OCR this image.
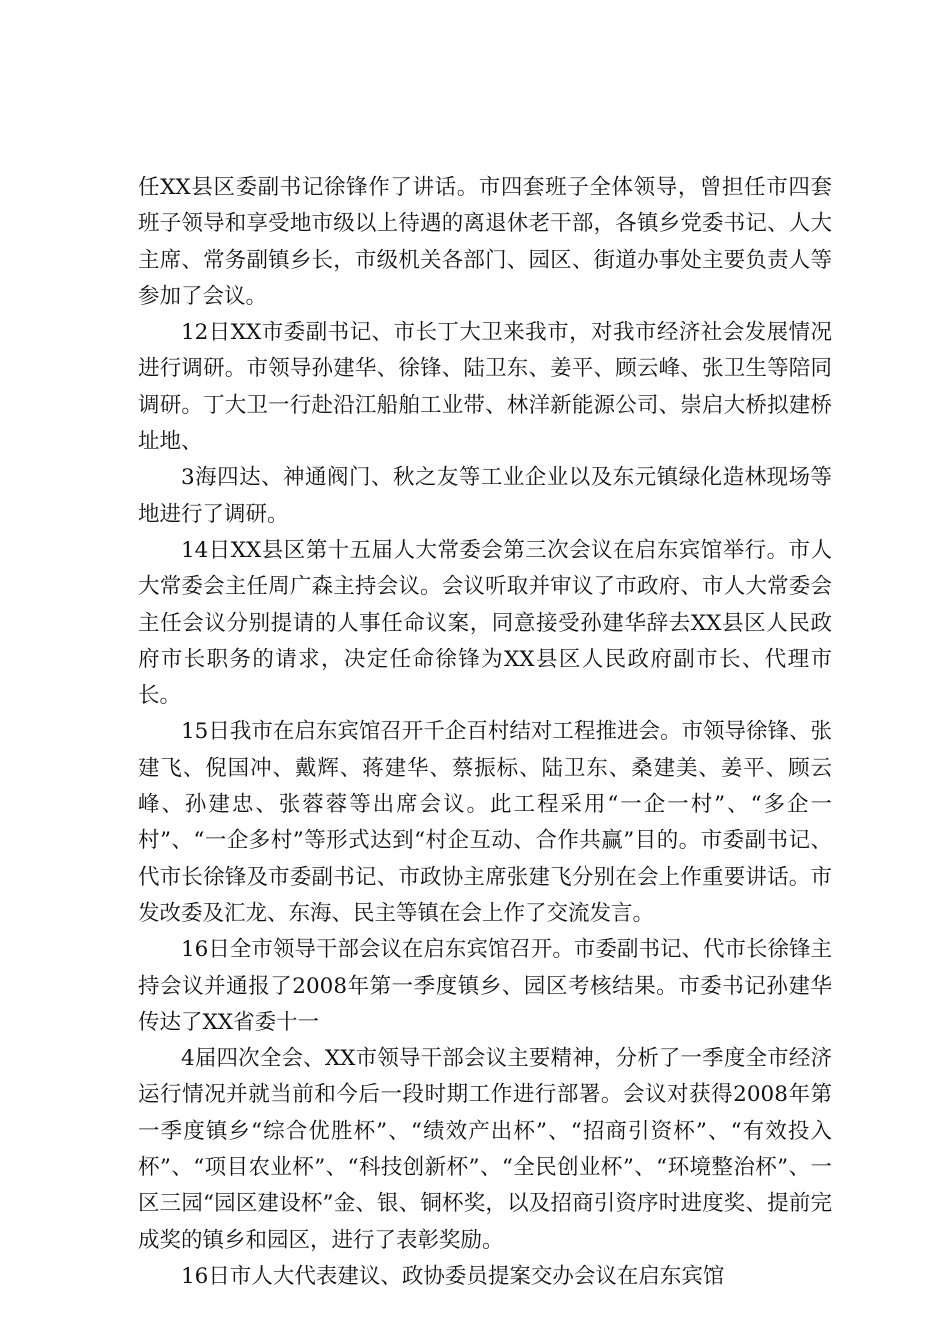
任XX县区委副书记徐锋作了讲话。市四套班子全体领导，曾担任市四套班子领导和享受地市级以上待遇的离退休老干部，各镇乡党委书记、人大主席、常务副镇乡长，市级机关各部门、园区、街道办事处主要负责人等参加了会议。

12日XX市委副书记、市长丁大卫来我市，对我市经济社会发展情况进行调研。市领导孙建华、徐锋、陆卫东、姜平、顾云峰、张卫生等陪同调研。丁大卫一行赴沿江船舶工业带、林洋新能源公司、崇启大桥拟建桥址地、

3海四达、神通阀门、秋之友等工业企业以及东元镇绿化造林现场等地进行了调研。

14日XX县区第十五届人大常委会第三次会议在启东宾馆举行。市人大常委会主任周广森主持会议。会议听取并审议了市政府、市人大常委会主任会议分别提请的人事任命议案，同意接受孙建华辞去XX县区人民政府市长职务的请求，决定任命徐锋为XX县区人民政府副市长、代理市长。

15日我市在启东宾馆召开千企百村结对工程推进会。市领导徐锋、张建飞、倪国冲、戴辉、蒋建华、蔡振标、陆卫东、桑建美、姜平、顾云峰、孙建忠、张蓉蓉等出席会议。此工程采用“一企一村”、“多企一村”、“一企多村”等形式达到“村企互动、合作共赢”目的。市委副书记、代市长徐锋及市委副书记、市政协主席张建飞分别在会上作重要讲话。市发改委及汇龙、东海、民主等镇在会上作了交流发言。

16日全市领导干部会议在启东宾馆召开。市委副书记、代市长徐锋主持会议并通报了2008年第一季度镇乡、园区考核结果。市委书记孙建华传达了XX省委十一

4届四次全会、XX市领导干部会议主要精神，分析了一季度全市经济运行情况并就当前和今后一段时期工作进行部署。会议对获得2008年第一季度镇乡“综合优胜杯”、“绩效产出杯”、“招商引资杯”、“有效投入杯”、“项目农业杯”、“科技创新杯”、“全民创业杯”、“环境整治杯”、一区三园“园区建设杯”金、银、铜杯奖，以及招商引资序时进度奖、提前完成奖的镇乡和园区，进行了表彰奖励。

16日市人大代表建议、政协委员提案交办会议在启东宾馆
